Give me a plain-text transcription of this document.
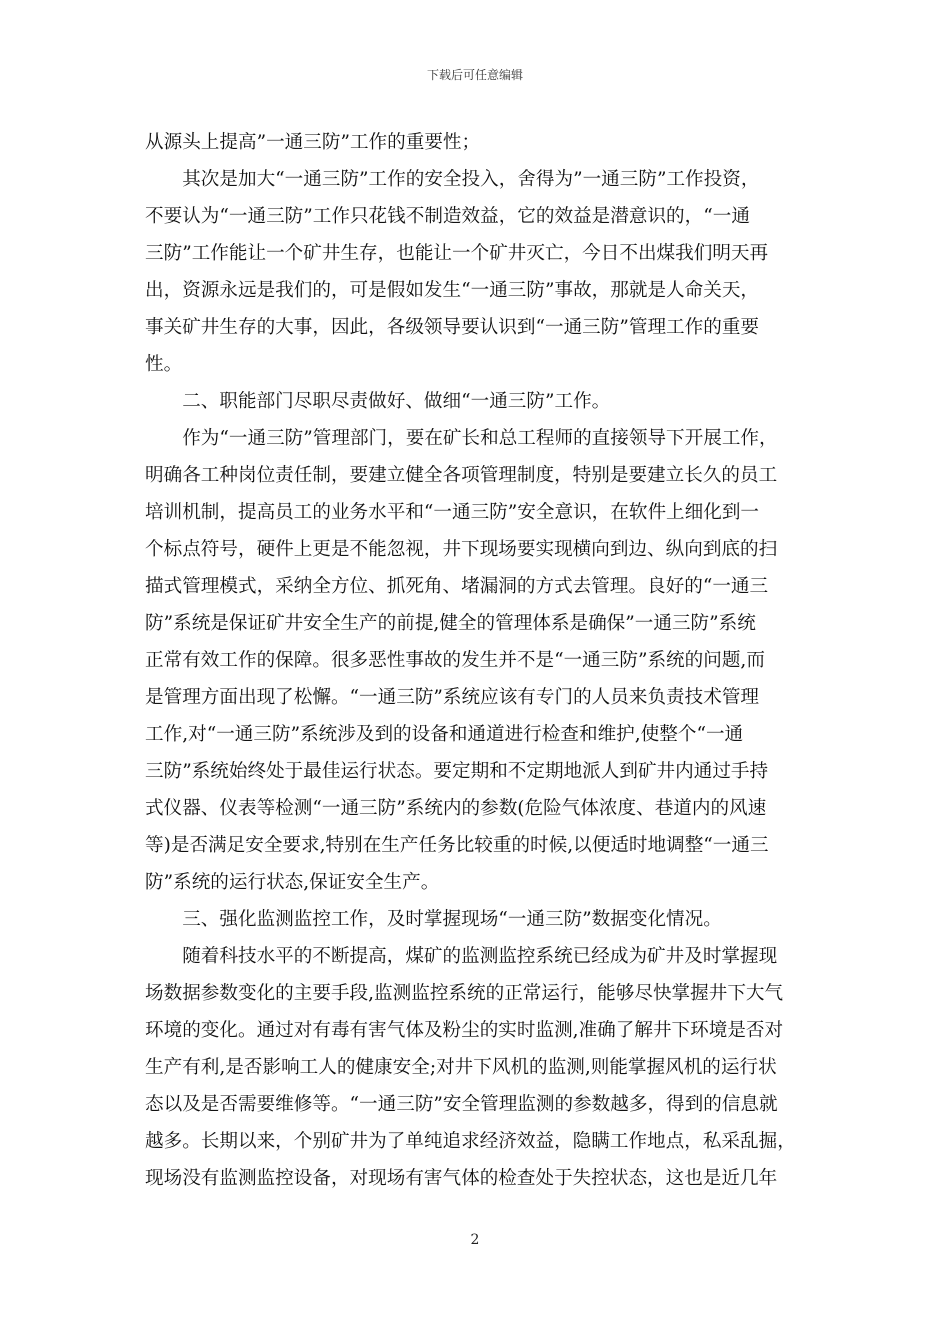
下载后可任意编辑
从源头上提高”一通三防”工作的重要性；
　　其次是加大“一通三防”工作的安全投入，舍得为”一通三防”工作投资，
不要认为“一通三防”工作只花钱不制造效益，它的效益是潜意识的，“一通
三防”工作能让一个矿井生存，也能让一个矿井灭亡，今日不出煤我们明天再
出，资源永远是我们的，可是假如发生“一通三防”事故，那就是人命关天，
事关矿井生存的大事，因此，各级领导要认识到“一通三防”管理工作的重要
性。
　　二、职能部门尽职尽责做好、做细“一通三防”工作。
　　作为“一通三防”管理部门，要在矿长和总工程师的直接领导下开展工作，
明确各工种岗位责任制，要建立健全各项管理制度，特别是要建立长久的员工
培训机制，提高员工的业务水平和“一通三防”安全意识，在软件上细化到一
个标点符号，硬件上更是不能忽视，井下现场要实现横向到边、纵向到底的扫
描式管理模式，采纳全方位、抓死角、堵漏洞的方式去管理。良好的“一通三
防”系统是保证矿井安全生产的前提,健全的管理体系是确保”一通三防”系统
正常有效工作的保障。很多恶性事故的发生并不是“一通三防”系统的问题,而
是管理方面出现了松懈。“一通三防”系统应该有专门的人员来负责技术管理
工作,对“一通三防”系统涉及到的设备和通道进行检查和维护,使整个“一通
三防”系统始终处于最佳运行状态。要定期和不定期地派人到矿井内通过手持
式仪器、仪表等检测“一通三防”系统内的参数(危险气体浓度、巷道内的风速
等)是否满足安全要求,特别在生产任务比较重的时候,以便适时地调整“一通三
防”系统的运行状态,保证安全生产。
　　三、强化监测监控工作，及时掌握现场“一通三防”数据变化情况。
　　随着科技水平的不断提高，煤矿的监测监控系统已经成为矿井及时掌握现
场数据参数变化的主要手段,监测监控系统的正常运行，能够尽快掌握井下大气
环境的变化。通过对有毒有害气体及粉尘的实时监测,准确了解井下环境是否对
生产有利,是否影响工人的健康安全;对井下风机的监测,则能掌握风机的运行状
态以及是否需要维修等。“一通三防”安全管理监测的参数越多，得到的信息就
越多。长期以来，个别矿井为了单纯追求经济效益，隐瞒工作地点，私采乱掘，
现场没有监测监控设备，对现场有害气体的检查处于失控状态，这也是近几年
2
